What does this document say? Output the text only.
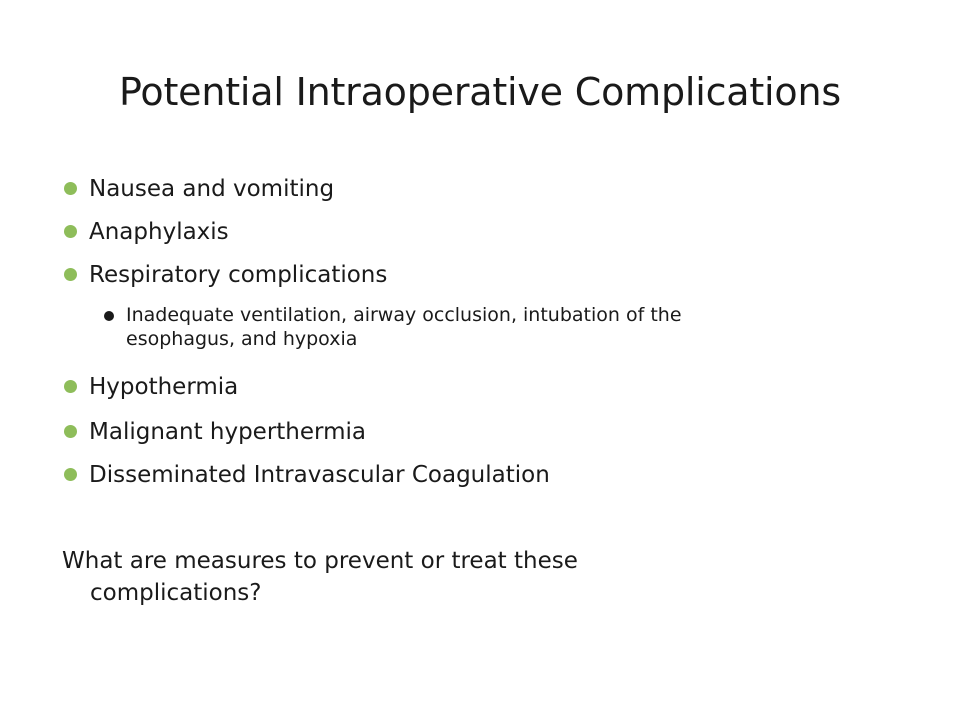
Potential Intraoperative Complications
Nausea and vomiting
Anaphylaxis
Respiratory complications
Inadequate ventilation, airway occlusion, intubation of the
esophagus, and hypoxia
Hypothermia
Malignant hyperthermia
Disseminated Intravascular Coagulation
What are measures to prevent or treat these
complications?
